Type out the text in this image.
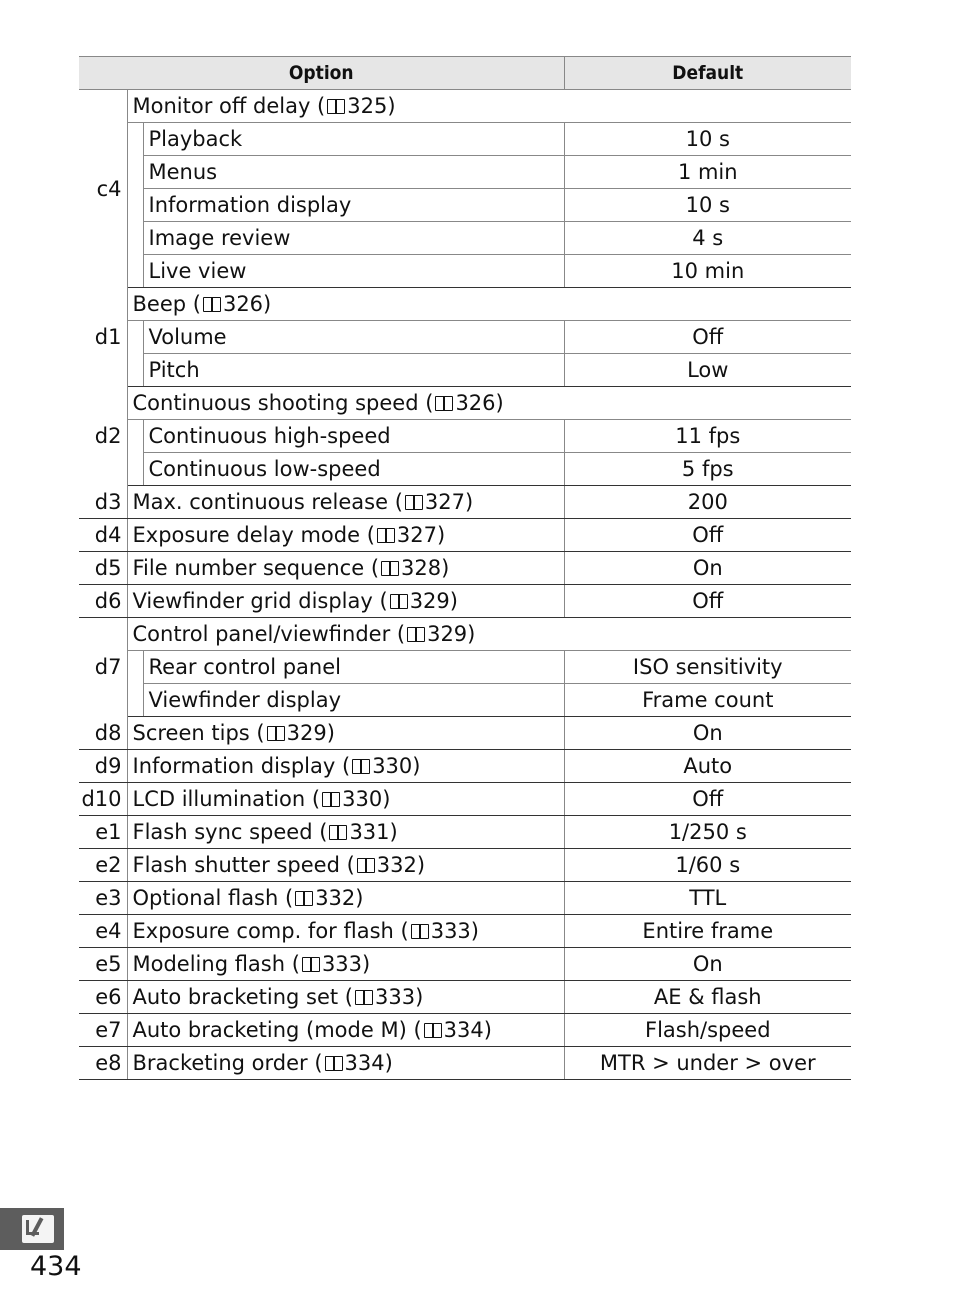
Option			Default
c4	Monitor off delay ( 325)		
		Playback	10 s
		Menus	1 min
		Information display	10 s
		Image review	4 s
		Live view	10 min
d1	Beep ( 326)		
		Volume	Off
		Pitch	Low
d2	Continuous shooting speed ( 326)		
		Continuous high-speed	11 fps
		Continuous low-speed	5 fps
d3	Max. continuous release ( 327)		200
d4	Exposure delay mode ( 327)		Off
d5	File number sequence ( 328)		On
d6	Viewfinder grid display ( 329)		Off
d7	Control panel/viewfinder ( 329)		
		Rear control panel	ISO sensitivity
		Viewfinder display	Frame count
d8	Screen tips ( 329)		On
d9	Information display ( 330)		Auto
d10	LCD illumination ( 330)		Off
e1	Flash sync speed ( 331)		1/250 s
e2	Flash shutter speed ( 332)		1/60 s
e3	Optional flash ( 332)		TTL
e4	Exposure comp. for flash ( 333)		Entire frame
e5	Modeling flash ( 333)		On
e6	Auto bracketing set ( 333)		AE & flash
e7	Auto bracketing (mode M) ( 334)		Flash/speed
e8	Bracketing order ( 334)		MTR > under > over
434
